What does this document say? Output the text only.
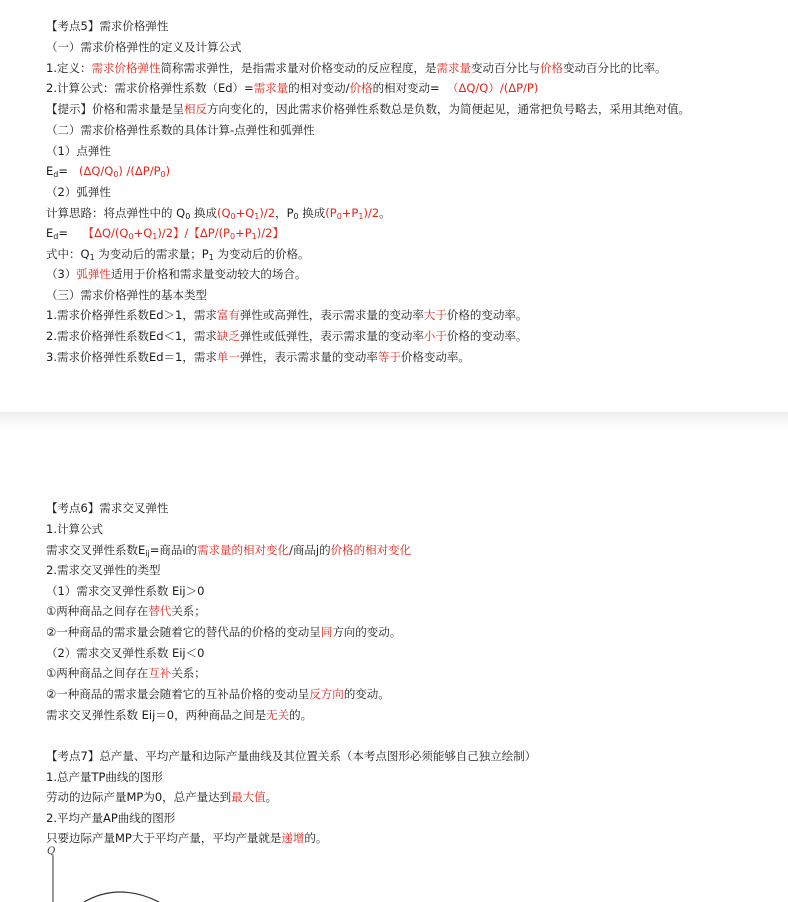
【考点5】需求价格弹性
（一）需求价格弹性的定义及计算公式
1.定义：需求价格弹性简称需求弹性，是指需求量对价格变动的反应程度，是需求量变动百分比与价格变动百分比的比率。
2.计算公式：需求价格弹性系数（Ed）=需求量的相对变动/价格的相对变动= （ΔQ/Q）/(ΔP/P)
【提示】价格和需求量是呈相反方向变化的，因此需求价格弹性系数总是负数，为简便起见，通常把负号略去，采用其绝对值。
（二）需求价格弹性系数的具体计算-点弹性和弧弹性
（1）点弹性
$E_d= (\Delta Q/Q_0)$ $/(\Delta P/P_0)$
（2）弧弹性
计算思路：将点弹性中的 $Q_0$ 换成$(Q_0+Q_1)/2$，$P_0$ 换成$(P_0+P_1)/2$。
$E_d=$ 【$\Delta Q/(Q_0+Q_1)/2$】/【$\Delta P/(P_0+P_1)/2$】
式中：$Q_1$ 为变动后的需求量；$P_1$ 为变动后的价格。
（3）弧弹性适用于价格和需求量变动较大的场合。
（三）需求价格弹性的基本类型
1.需求价格弹性系数Ed＞1，需求富有弹性或高弹性，表示需求量的变动率大于价格的变动率。
2.需求价格弹性系数Ed＜1，需求缺乏弹性或低弹性，表示需求量的变动率小于价格的变动率。
3.需求价格弹性系数Ed＝1，需求单一弹性，表示需求量的变动率等于价格变动率。
【考点6】需求交叉弹性
1.计算公式
需求交叉弹性系数$E_{ij}=$商品i的需求量的相对变化/商品j的价格的相对变化
2.需求交叉弹性的类型
（1）需求交叉弹性系数 Eij＞0
①两种商品之间存在替代关系；
②一种商品的需求量会随着它的替代品的价格的变动呈同方向的变动。
（2）需求交叉弹性系数 Eij＜0
①两种商品之间存在互补关系；
②一种商品的需求量会随着它的互补品价格的变动呈反方向的变动。
需求交叉弹性系数 Eij＝0，两种商品之间是无关的。
【考点7】总产量、平均产量和边际产量曲线及其位置关系（本考点图形必须能够自己独立绘制）
1.总产量TP曲线的图形
劳动的边际产量MP为0，总产量达到最大值。
2.平均产量AP曲线的图形
只要边际产量MP大于平均产量，平均产量就是递增的。
Q
